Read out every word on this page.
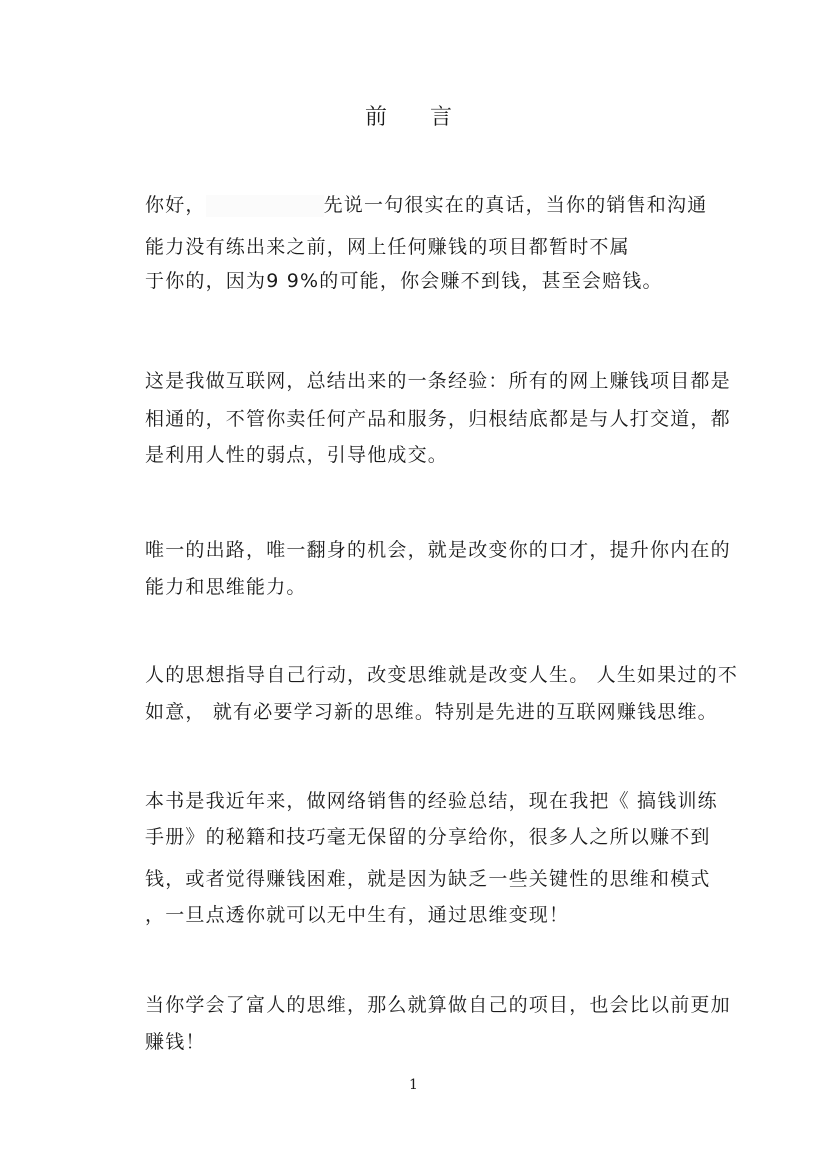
前 言
你好，	先说一句很实在的真话，当你的销售和沟通
能力没有练出来之前，网上任何赚钱的项目都暂时不属
于你的，因为9 9%的可能，你会赚不到钱，甚至会赔钱。
这是我做互联网，总结出来的一条经验：所有的网上赚钱项目都是
相通的，不管你卖任何产品和服务，归根结底都是与人打交道，都
是利用人性的弱点，引导他成交。
唯一的出路，唯一翻身的机会，就是改变你的口才，提升你内在的
能力和思维能力。
人的思想指导自己行动，改变思维就是改变人生。 人生如果过的不
如意， 就有必要学习新的思维。特别是先进的互联网赚钱思维。
本书是我近年来，做网络销售的经验总结，现在我把《 搞钱训练
手册》的秘籍和技巧毫无保留的分享给你，很多人之所以赚不到
钱，或者觉得赚钱困难，就是因为缺乏一些关键性的思维和模式
，一旦点透你就可以无中生有，通过思维变现！
当你学会了富人的思维，那么就算做自己的项目，也会比以前更加
赚钱！
1
